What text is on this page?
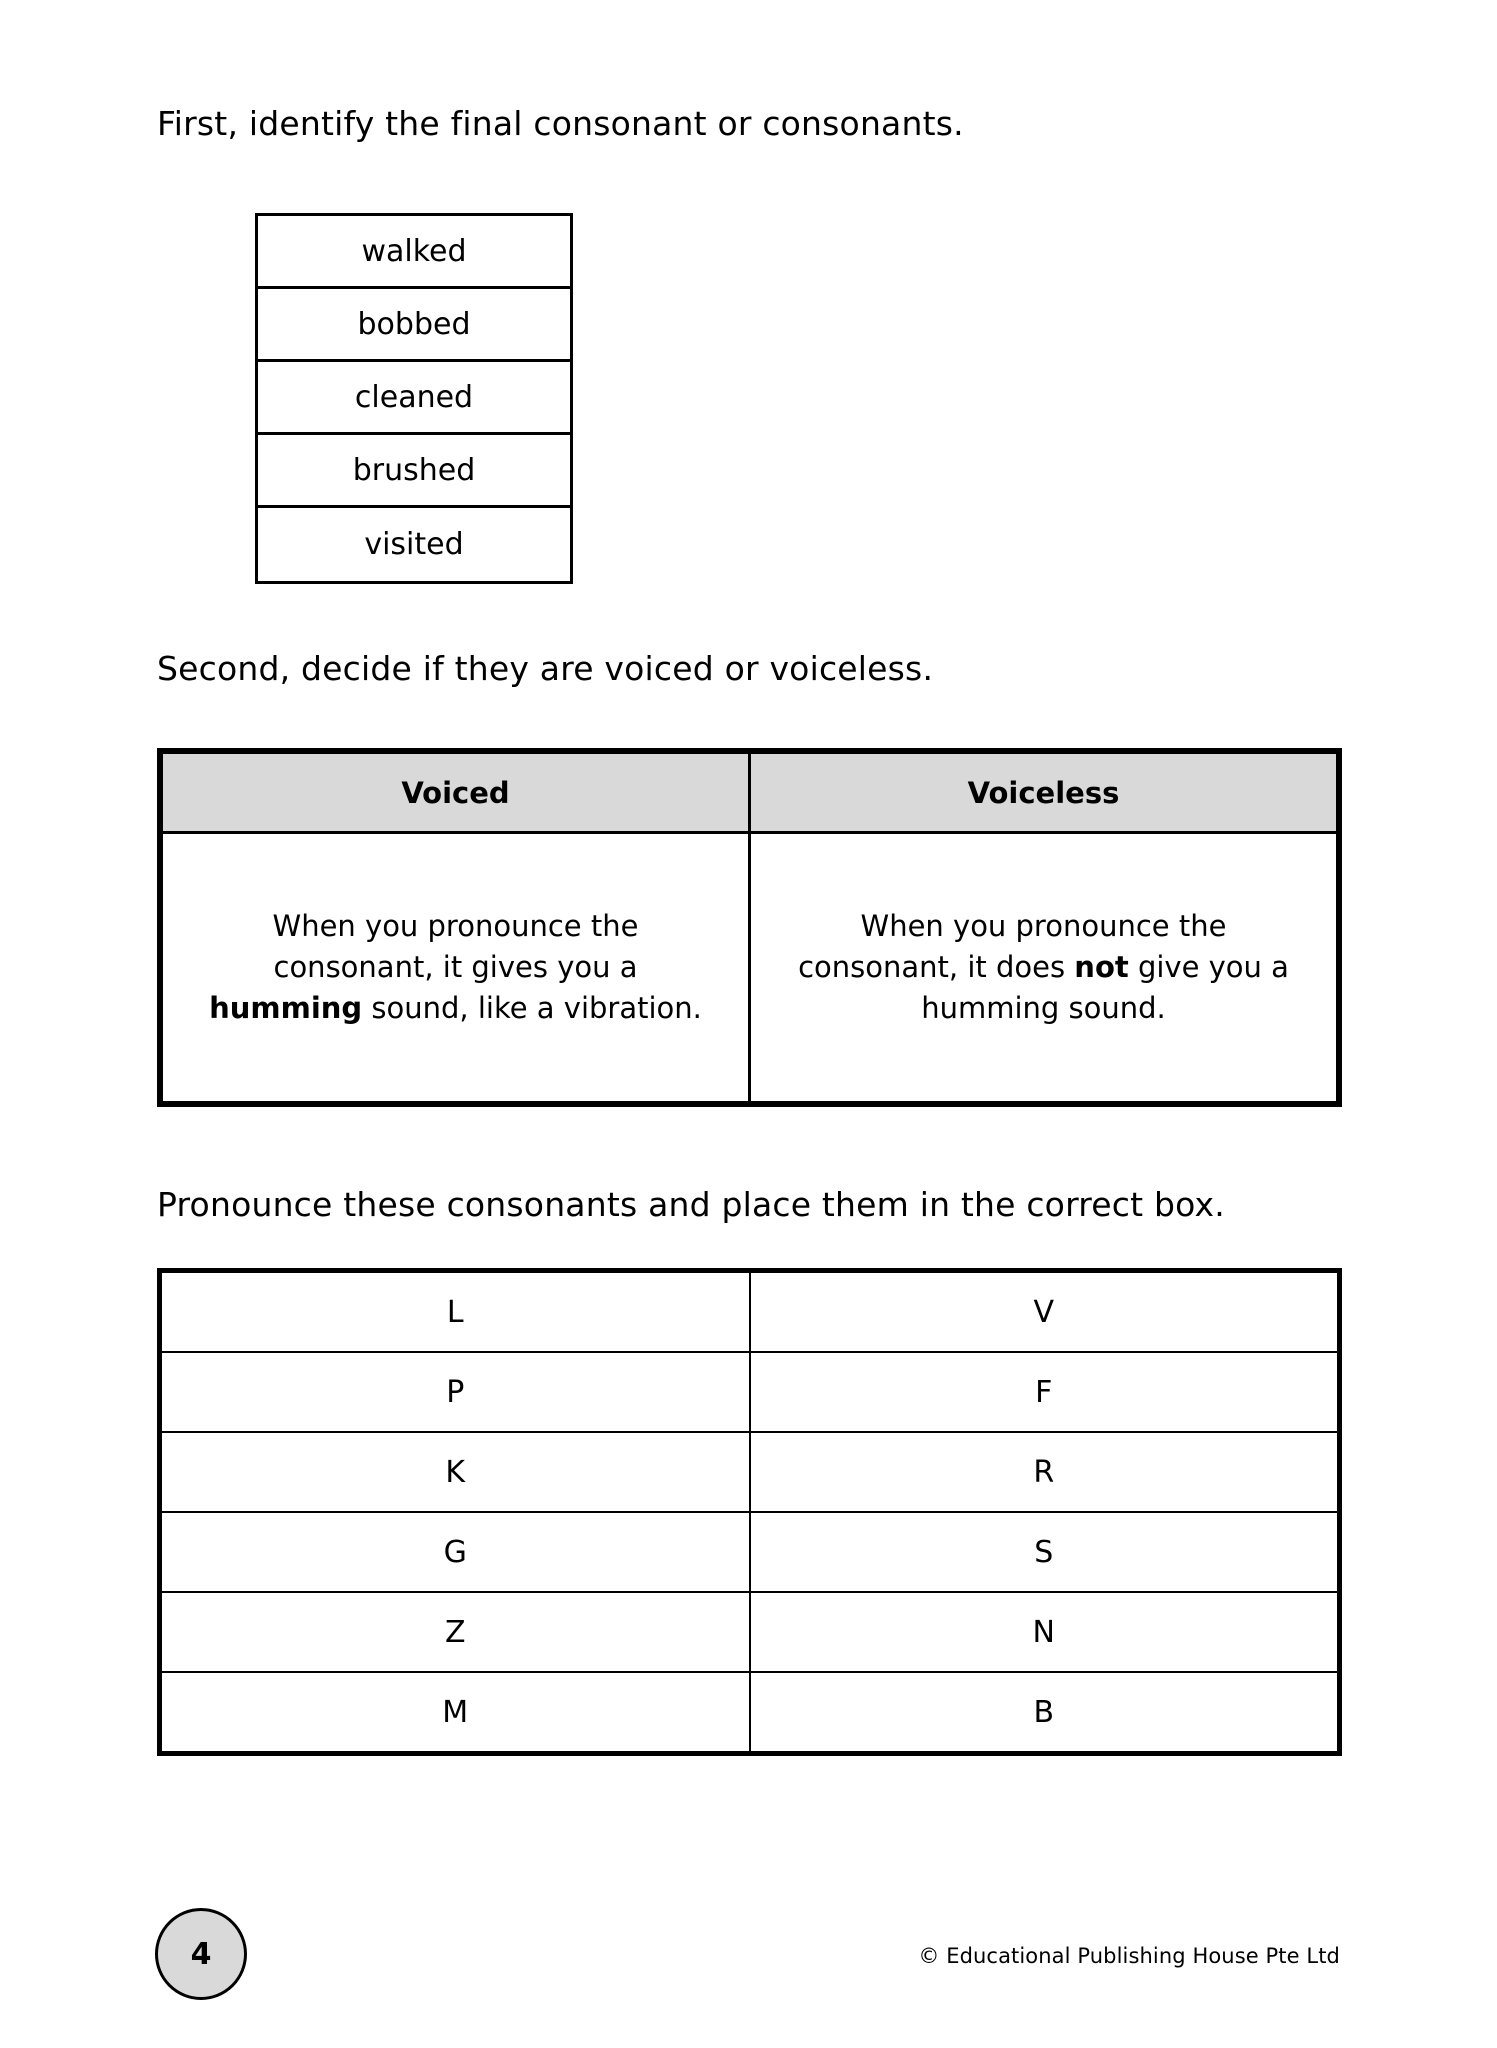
First, identify the final consonant or consonants.
walked
bobbed
cleaned
brushed
visited
Second, decide if they are voiced or voiceless.
Voiced	Voiceless

When you pronounce the consonant, it gives you a humming sound, like a vibration.	When you pronounce the consonant, it does not give you a humming sound.
Pronounce these consonants and place them in the correct box.
L	V
P	F
K	R
G	S
Z	N
M	B
4	© Educational Publishing House Pte Ltd
